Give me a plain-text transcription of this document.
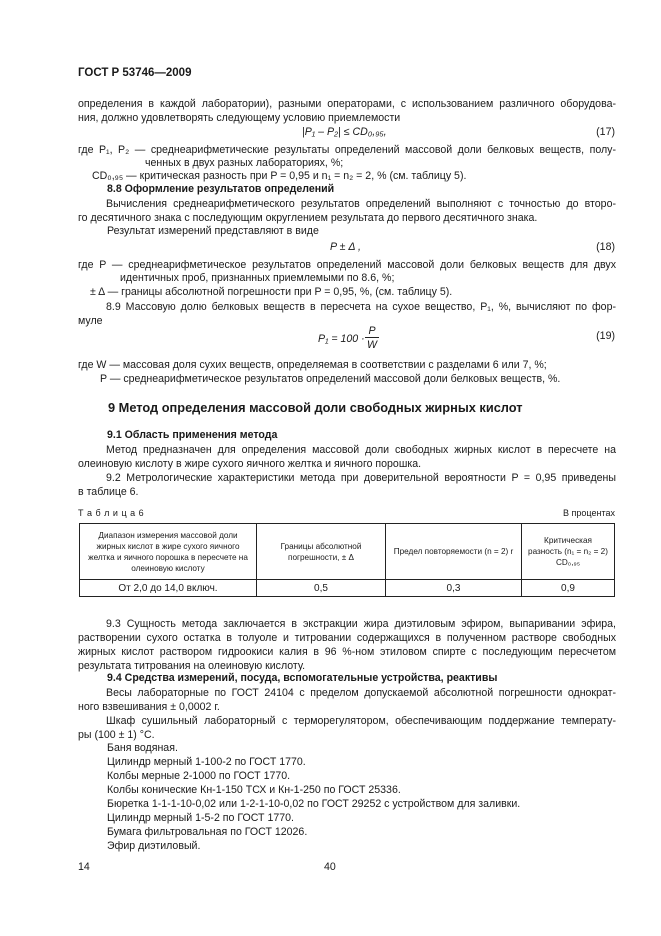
ГОСТ Р 53746—2009
определения в каждой лаборатории), разными операторами, с использованием различного оборудова-
ния, должно удовлетворять следующему условию приемлемости
|P₁ – P₂| ≤ CD₀,₉₅,	(17)
где P₁, P₂ — среднеарифметические результаты определений массовой доли белковых веществ, полу-
ченных в двух разных лабораториях, %;
CD₀,₉₅ — критическая разность при P = 0,95 и n₁ = n₂ = 2, % (см. таблицу 5).
8.8 Оформление результатов определений
Вычисления среднеарифметического результатов определений выполняют с точностью до второ-
го десятичного знака с последующим округлением результата до первого десятичного знака.
Результат измерений представляют в виде
P ± Δ ,	(18)
где P — среднеарифметическое результатов определений массовой доли белковых веществ для двух
идентичных проб, признанных приемлемыми по 8.6, %;
± Δ — границы абсолютной погрешности при P = 0,95, %, (см. таблицу 5).
8.9 Массовую долю белковых веществ в пересчета на сухое вещество, P₁, %, вычисляют по фор-
муле
P₁ = 100 ·
P
W
(19)
где W — массовая доля сухих веществ, определяемая в соответствии с разделами 6 или 7, %;
P — среднеарифметическое результатов определений массовой доли белковых веществ, %.
9 Метод определения массовой доли свободных жирных кислот
9.1 Область применения метода
Метод предназначен для определения массовой доли свободных жирных кислот в пересчете на
олеиновую кислоту в жире сухого яичного желтка и яичного порошка.
9.2 Метрологические характеристики метода при доверительной вероятности P = 0,95 приведены
в таблице 6.
Т а б л и ц а 6	В процентах
Диапазон измерения массовой доли жирных кислот в жире сухого яичного желтка и яичного порошка в пересчете на олеиновую кислоту	Границы абсолютной погрешности, ± Δ	Предел повторяемости (n = 2) r	Критическая разность (n₁ = n₂ = 2) CD₀,₉₅
От 2,0 до 14,0 включ.	0,5	0,3	0,9
9.3 Сущность метода заключается в экстракции жира диэтиловым эфиром, выпаривании эфира,
растворении сухого остатка в толуоле и титровании содержащихся в полученном растворе свободных
жирных кислот раствором гидроокиси калия в 96 %-ном этиловом спирте с последующим пересчетом
результата титрования на олеиновую кислоту.
9.4 Средства измерений, посуда, вспомогательные устройства, реактивы
Весы лабораторные по ГОСТ 24104 с пределом допускаемой абсолютной погрешности однократ-
ного взвешивания ± 0,0002 г.
Шкаф сушильный лабораторный с терморегулятором, обеспечивающим поддержание температу-
ры (100 ± 1) °С.
Баня водяная.
Цилиндр мерный 1-100-2 по ГОСТ 1770.
Колбы мерные 2-1000 по ГОСТ 1770.
Колбы конические Кн-1-150 ТСХ и Кн-1-250 по ГОСТ 25336.
Бюретка 1-1-1-10-0,02 или 1-2-1-10-0,02 по ГОСТ 29252 с устройством для заливки.
Цилиндр мерный 1-5-2 по ГОСТ 1770.
Бумага фильтровальная по ГОСТ 12026.
Эфир диэтиловый.
14	40
